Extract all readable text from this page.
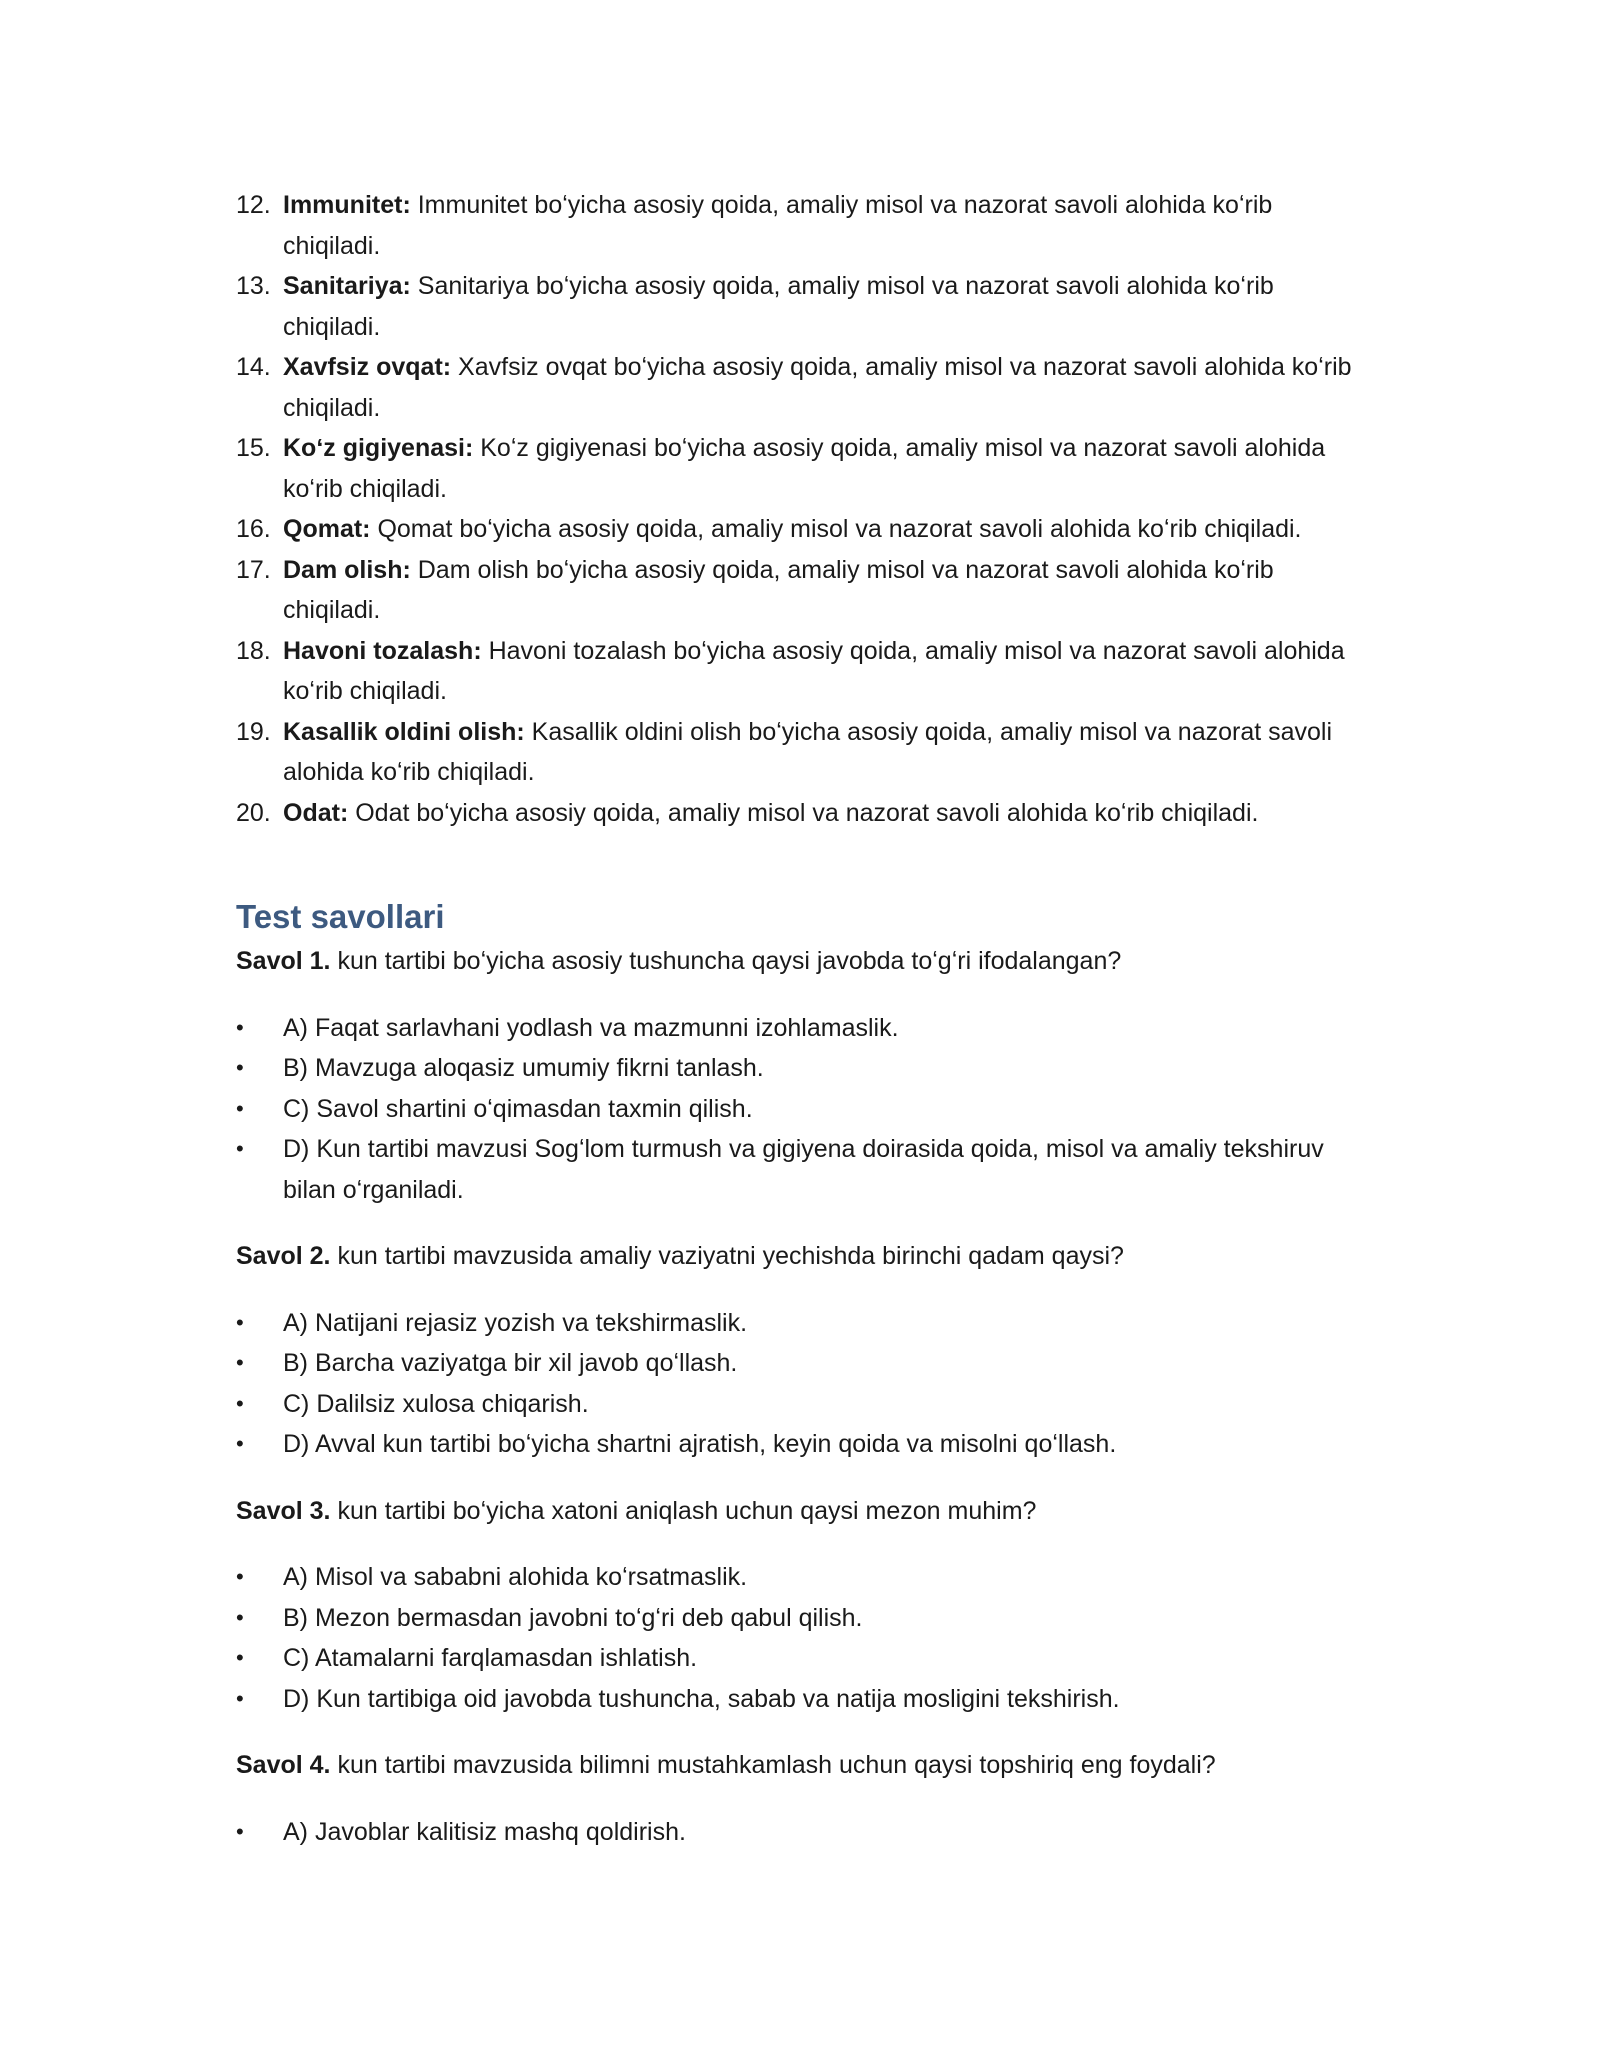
12. Immunitet: Immunitet boʻyicha asosiy qoida, amaliy misol va nazorat savoli alohida koʻrib chiqiladi.
13. Sanitariya: Sanitariya boʻyicha asosiy qoida, amaliy misol va nazorat savoli alohida koʻrib chiqiladi.
14. Xavfsiz ovqat: Xavfsiz ovqat boʻyicha asosiy qoida, amaliy misol va nazorat savoli alohida koʻrib chiqiladi.
15. Koʻz gigiyenasi: Koʻz gigiyenasi boʻyicha asosiy qoida, amaliy misol va nazorat savoli alohida koʻrib chiqiladi.
16. Qomat: Qomat boʻyicha asosiy qoida, amaliy misol va nazorat savoli alohida koʻrib chiqiladi.
17. Dam olish: Dam olish boʻyicha asosiy qoida, amaliy misol va nazorat savoli alohida koʻrib chiqiladi.
18. Havoni tozalash: Havoni tozalash boʻyicha asosiy qoida, amaliy misol va nazorat savoli alohida koʻrib chiqiladi.
19. Kasallik oldini olish: Kasallik oldini olish boʻyicha asosiy qoida, amaliy misol va nazorat savoli alohida koʻrib chiqiladi.
20. Odat: Odat boʻyicha asosiy qoida, amaliy misol va nazorat savoli alohida koʻrib chiqiladi.
Test savollari

Savol 1. kun tartibi boʻyicha asosiy tushuncha qaysi javobda toʻgʻri ifodalangan?

•	A) Faqat sarlavhani yodlash va mazmunni izohlamaslik.
•	B) Mavzuga aloqasiz umumiy fikrni tanlash.
•	C) Savol shartini oʻqimasdan taxmin qilish.
•	D) Kun tartibi mavzusi Sogʻlom turmush va gigiyena doirasida qoida, misol va amaliy tekshiruv bilan oʻrganiladi.

Savol 2. kun tartibi mavzusida amaliy vaziyatni yechishda birinchi qadam qaysi?

•	A) Natijani rejasiz yozish va tekshirmaslik.
•	B) Barcha vaziyatga bir xil javob qoʻllash.
•	C) Dalilsiz xulosa chiqarish.
•	D) Avval kun tartibi boʻyicha shartni ajratish, keyin qoida va misolni qoʻllash.

Savol 3. kun tartibi boʻyicha xatoni aniqlash uchun qaysi mezon muhim?

•	A) Misol va sababni alohida koʻrsatmaslik.
•	B) Mezon bermasdan javobni toʻgʻri deb qabul qilish.
•	C) Atamalarni farqlamasdan ishlatish.
•	D) Kun tartibiga oid javobda tushuncha, sabab va natija mosligini tekshirish.

Savol 4. kun tartibi mavzusida bilimni mustahkamlash uchun qaysi topshiriq eng foydali?

•	A) Javoblar kalitisiz mashq qoldirish.
